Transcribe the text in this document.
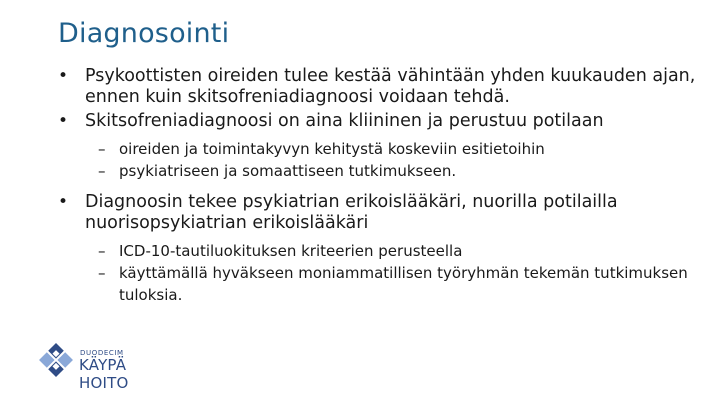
Diagnosointi
• Psykoottisten oireiden tulee kestää vähintään yhden kuukauden ajan, ennen kuin skitsofreniadiagnoosi voidaan tehdä.
• Skitsofreniadiagnoosi on aina kliininen ja perustuu potilaan
– oireiden ja toimintakyvyn kehitystä koskeviin esitietoihin
– psykiatriseen ja somaattiseen tutkimukseen.
• Diagnoosin tekee psykiatrian erikoislääkäri, nuorilla potilailla nuorisopsykiatrian erikoislääkäri
– ICD-10-tautiluokituksen kriteerien perusteella
– käyttämällä hyväkseen moniammatillisen työryhmän tekemän tutkimuksen tuloksia.
DUODECIM
KÄYPÄ HOITO
